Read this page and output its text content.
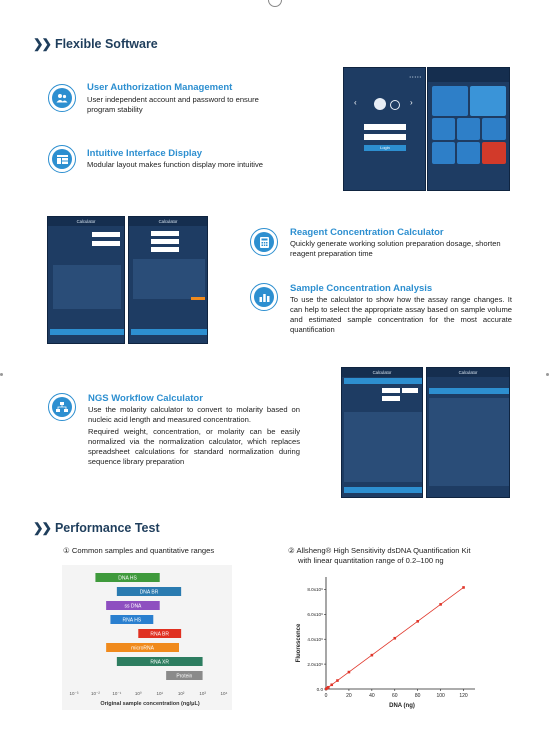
❯❯ Flexible Software
User Authorization Management
User independent account and password to ensure program stability
Intuitive Interface Display
Modular layout makes function display more intuitive
• • • • •
‹	›
Login
Calculator	Calculator
Reagent Concentration Calculator
Quickly generate working solution preparation dosage, shorten reagent preparation time
Sample Concentration Analysis
To use the calculator to show how the assay range changes. It can help to select the appropriate assay based on sample volume and estimated sample concentration for the most accurate quantification
NGS Workflow Calculator
Use the molarity calculator to convert to molarity based on nucleic acid length and measured concentration.
Required weight, concentration, or molarity can be easily normalized via the normalization calculator, which replaces spreadsheet calculations for standard normalization during sequence library preparation
Calculator	Calculator
❯❯ Performance Test
① Common samples and quantitative ranges	② Allsheng® High Sensitivity dsDNA Quantification Kit
with linear quantitation range of 0.2–100 ng
DNA HS
DNA BR
ss DNA
RNA HS
RNA BR
microRNA
RNA XR
Protein
10⁻³	10⁻²	10⁻¹	10⁰	10¹	10²	10³	10⁴
Original sample concentration (ng/μL)
0	20	40	60	80	100	120
0.0
2.0x10⁶
4.0x10⁶
6.0x10⁶
8.0x10⁶
DNA (ng)
Fluorescence
